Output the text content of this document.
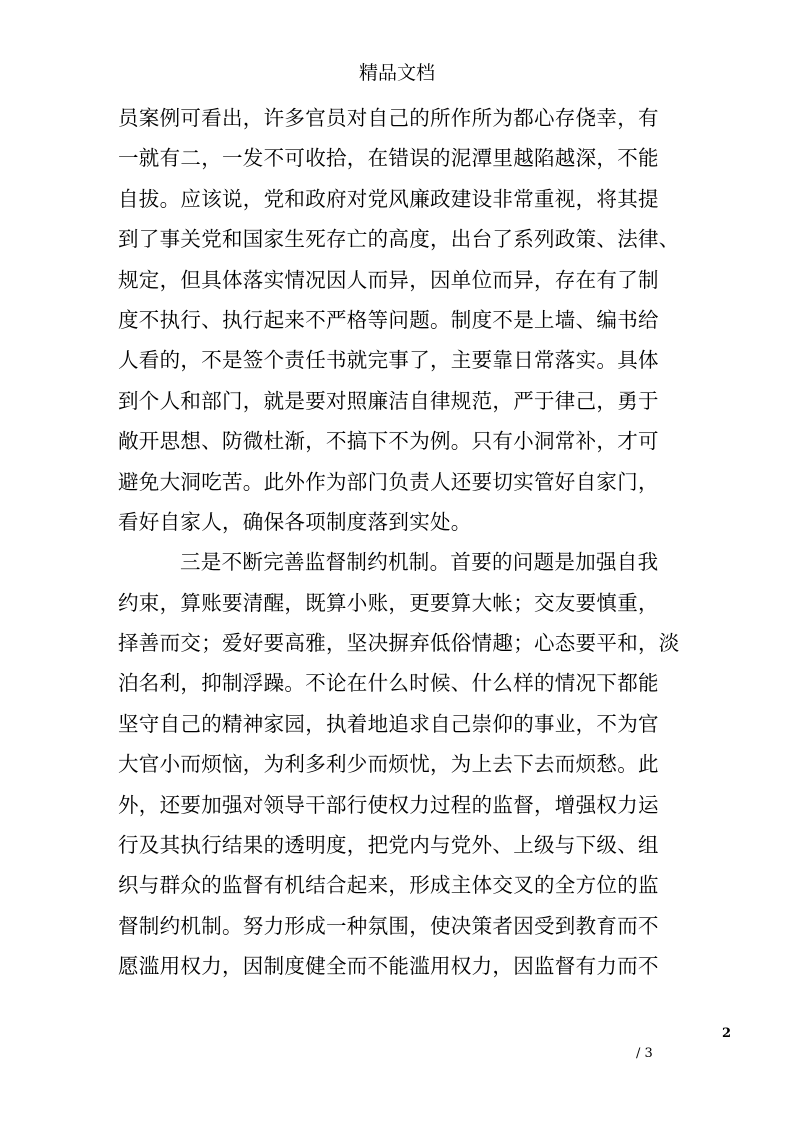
精品文档
员案例可看出，许多官员对自己的所作所为都心存侥幸，有
一就有二，一发不可收拾，在错误的泥潭里越陷越深，不能
自拔。应该说，党和政府对党风廉政建设非常重视，将其提
到了事关党和国家生死存亡的高度，出台了系列政策、法律、
规定，但具体落实情况因人而异，因单位而异，存在有了制
度不执行、执行起来不严格等问题。制度不是上墙、编书给
人看的，不是签个责任书就完事了，主要靠日常落实。具体
到个人和部门，就是要对照廉洁自律规范，严于律己，勇于
敞开思想、防微杜渐，不搞下不为例。只有小洞常补，才可
避免大洞吃苦。此外作为部门负责人还要切实管好自家门，
看好自家人，确保各项制度落到实处。
三是不断完善监督制约机制。首要的问题是加强自我
约束，算账要清醒，既算小账，更要算大帐；交友要慎重，
择善而交；爱好要高雅，坚决摒弃低俗情趣；心态要平和，淡
泊名利，抑制浮躁。不论在什么时候、什么样的情况下都能
坚守自己的精神家园，执着地追求自己崇仰的事业，不为官
大官小而烦恼，为利多利少而烦忧，为上去下去而烦愁。此
外，还要加强对领导干部行使权力过程的监督，增强权力运
行及其执行结果的透明度，把党内与党外、上级与下级、组
织与群众的监督有机结合起来，形成主体交叉的全方位的监
督制约机制。努力形成一种氛围，使决策者因受到教育而不
愿滥用权力，因制度健全而不能滥用权力，因监督有力而不
2
/ 3
